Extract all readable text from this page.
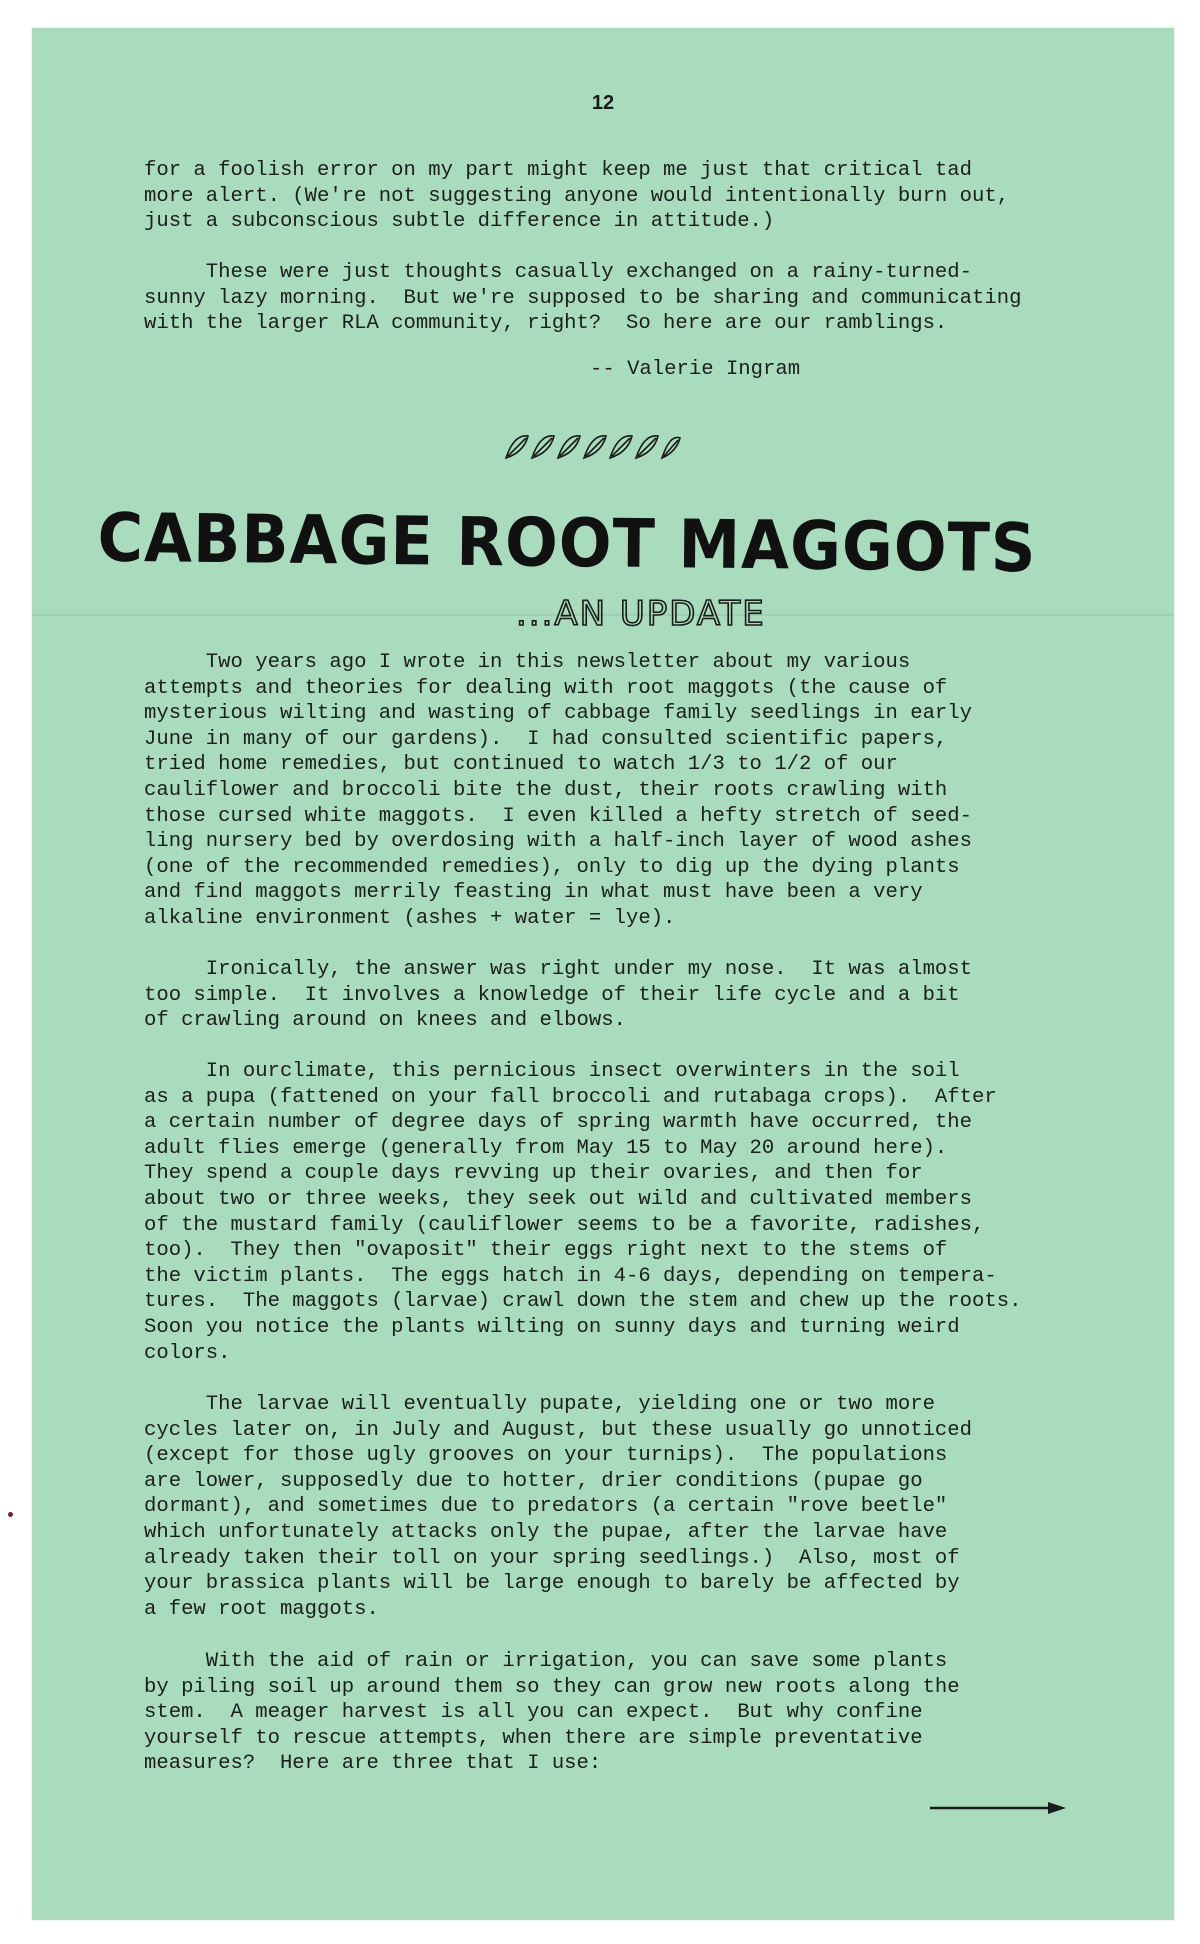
12
for a foolish error on my part might keep me just that critical tad
more alert. (We're not suggesting anyone would intentionally burn out,
just a subconscious subtle difference in attitude.)
These were just thoughts casually exchanged on a rainy-turned-
sunny lazy morning.  But we're supposed to be sharing and communicating
with the larger RLA community, right?  So here are our ramblings.
-- Valerie Ingram
CABBAGE ROOT MAGGOTS
...AN UPDATE
Two years ago I wrote in this newsletter about my various
attempts and theories for dealing with root maggots (the cause of
mysterious wilting and wasting of cabbage family seedlings in early
June in many of our gardens).  I had consulted scientific papers,
tried home remedies, but continued to watch 1/3 to 1/2 of our
cauliflower and broccoli bite the dust, their roots crawling with
those cursed white maggots.  I even killed a hefty stretch of seed-
ling nursery bed by overdosing with a half-inch layer of wood ashes
(one of the recommended remedies), only to dig up the dying plants
and find maggots merrily feasting in what must have been a very
alkaline environment (ashes + water = lye).
Ironically, the answer was right under my nose.  It was almost
too simple.  It involves a knowledge of their life cycle and a bit
of crawling around on knees and elbows.
In ourclimate, this pernicious insect overwinters in the soil
as a pupa (fattened on your fall broccoli and rutabaga crops).  After
a certain number of degree days of spring warmth have occurred, the
adult flies emerge (generally from May 15 to May 20 around here).
They spend a couple days revving up their ovaries, and then for
about two or three weeks, they seek out wild and cultivated members
of the mustard family (cauliflower seems to be a favorite, radishes,
too).  They then "ovaposit" their eggs right next to the stems of
the victim plants.  The eggs hatch in 4-6 days, depending on tempera-
tures.  The maggots (larvae) crawl down the stem and chew up the roots.
Soon you notice the plants wilting on sunny days and turning weird
colors.
The larvae will eventually pupate, yielding one or two more
cycles later on, in July and August, but these usually go unnoticed
(except for those ugly grooves on your turnips).  The populations
are lower, supposedly due to hotter, drier conditions (pupae go
dormant), and sometimes due to predators (a certain "rove beetle"
which unfortunately attacks only the pupae, after the larvae have
already taken their toll on your spring seedlings.)  Also, most of
your brassica plants will be large enough to barely be affected by
a few root maggots.
With the aid of rain or irrigation, you can save some plants
by piling soil up around them so they can grow new roots along the
stem.  A meager harvest is all you can expect.  But why confine
yourself to rescue attempts, when there are simple preventative
measures?  Here are three that I use:
